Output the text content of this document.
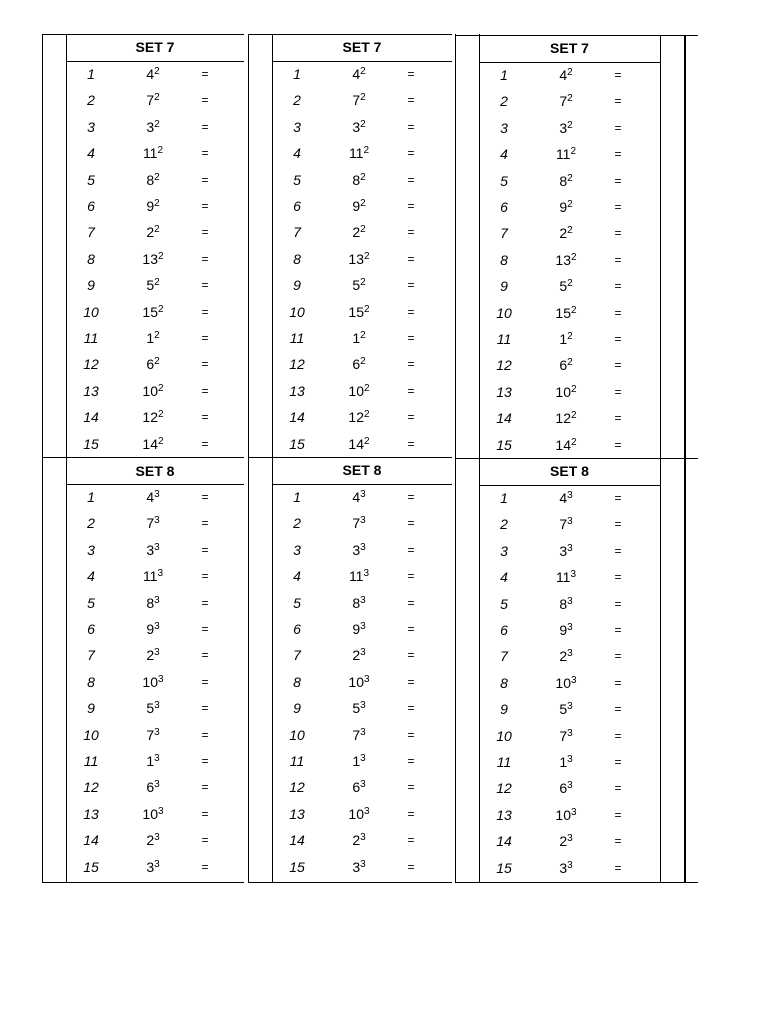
SET 7
1	$4^2$	=
2	$7^2$	=
3	$3^2$	=
4	$11^2$	=
5	$8^2$	=
6	$9^2$	=
7	$2^2$	=
8	$13^2$	=
9	$5^2$	=
10	$15^2$	=
11	$1^2$	=
12	$6^2$	=
13	$10^2$	=
14	$12^2$	=
15	$14^2$	=
SET 8
1	$4^3$	=
2	$7^3$	=
3	$3^3$	=
4	$11^3$	=
5	$8^3$	=
6	$9^3$	=
7	$2^3$	=
8	$10^3$	=
9	$5^3$	=
10	$7^3$	=
11	$1^3$	=
12	$6^3$	=
13	$10^3$	=
14	$2^3$	=
15	$3^3$	=
SET 7
1	$4^2$	=
2	$7^2$	=
3	$3^2$	=
4	$11^2$	=
5	$8^2$	=
6	$9^2$	=
7	$2^2$	=
8	$13^2$	=
9	$5^2$	=
10	$15^2$	=
11	$1^2$	=
12	$6^2$	=
13	$10^2$	=
14	$12^2$	=
15	$14^2$	=
SET 8
1	$4^3$	=
2	$7^3$	=
3	$3^3$	=
4	$11^3$	=
5	$8^3$	=
6	$9^3$	=
7	$2^3$	=
8	$10^3$	=
9	$5^3$	=
10	$7^3$	=
11	$1^3$	=
12	$6^3$	=
13	$10^3$	=
14	$2^3$	=
15	$3^3$	=
SET 7
1	$4^2$	=
2	$7^2$	=
3	$3^2$	=
4	$11^2$	=
5	$8^2$	=
6	$9^2$	=
7	$2^2$	=
8	$13^2$	=
9	$5^2$	=
10	$15^2$	=
11	$1^2$	=
12	$6^2$	=
13	$10^2$	=
14	$12^2$	=
15	$14^2$	=
SET 8
1	$4^3$	=
2	$7^3$	=
3	$3^3$	=
4	$11^3$	=
5	$8^3$	=
6	$9^3$	=
7	$2^3$	=
8	$10^3$	=
9	$5^3$	=
10	$7^3$	=
11	$1^3$	=
12	$6^3$	=
13	$10^3$	=
14	$2^3$	=
15	$3^3$	=
